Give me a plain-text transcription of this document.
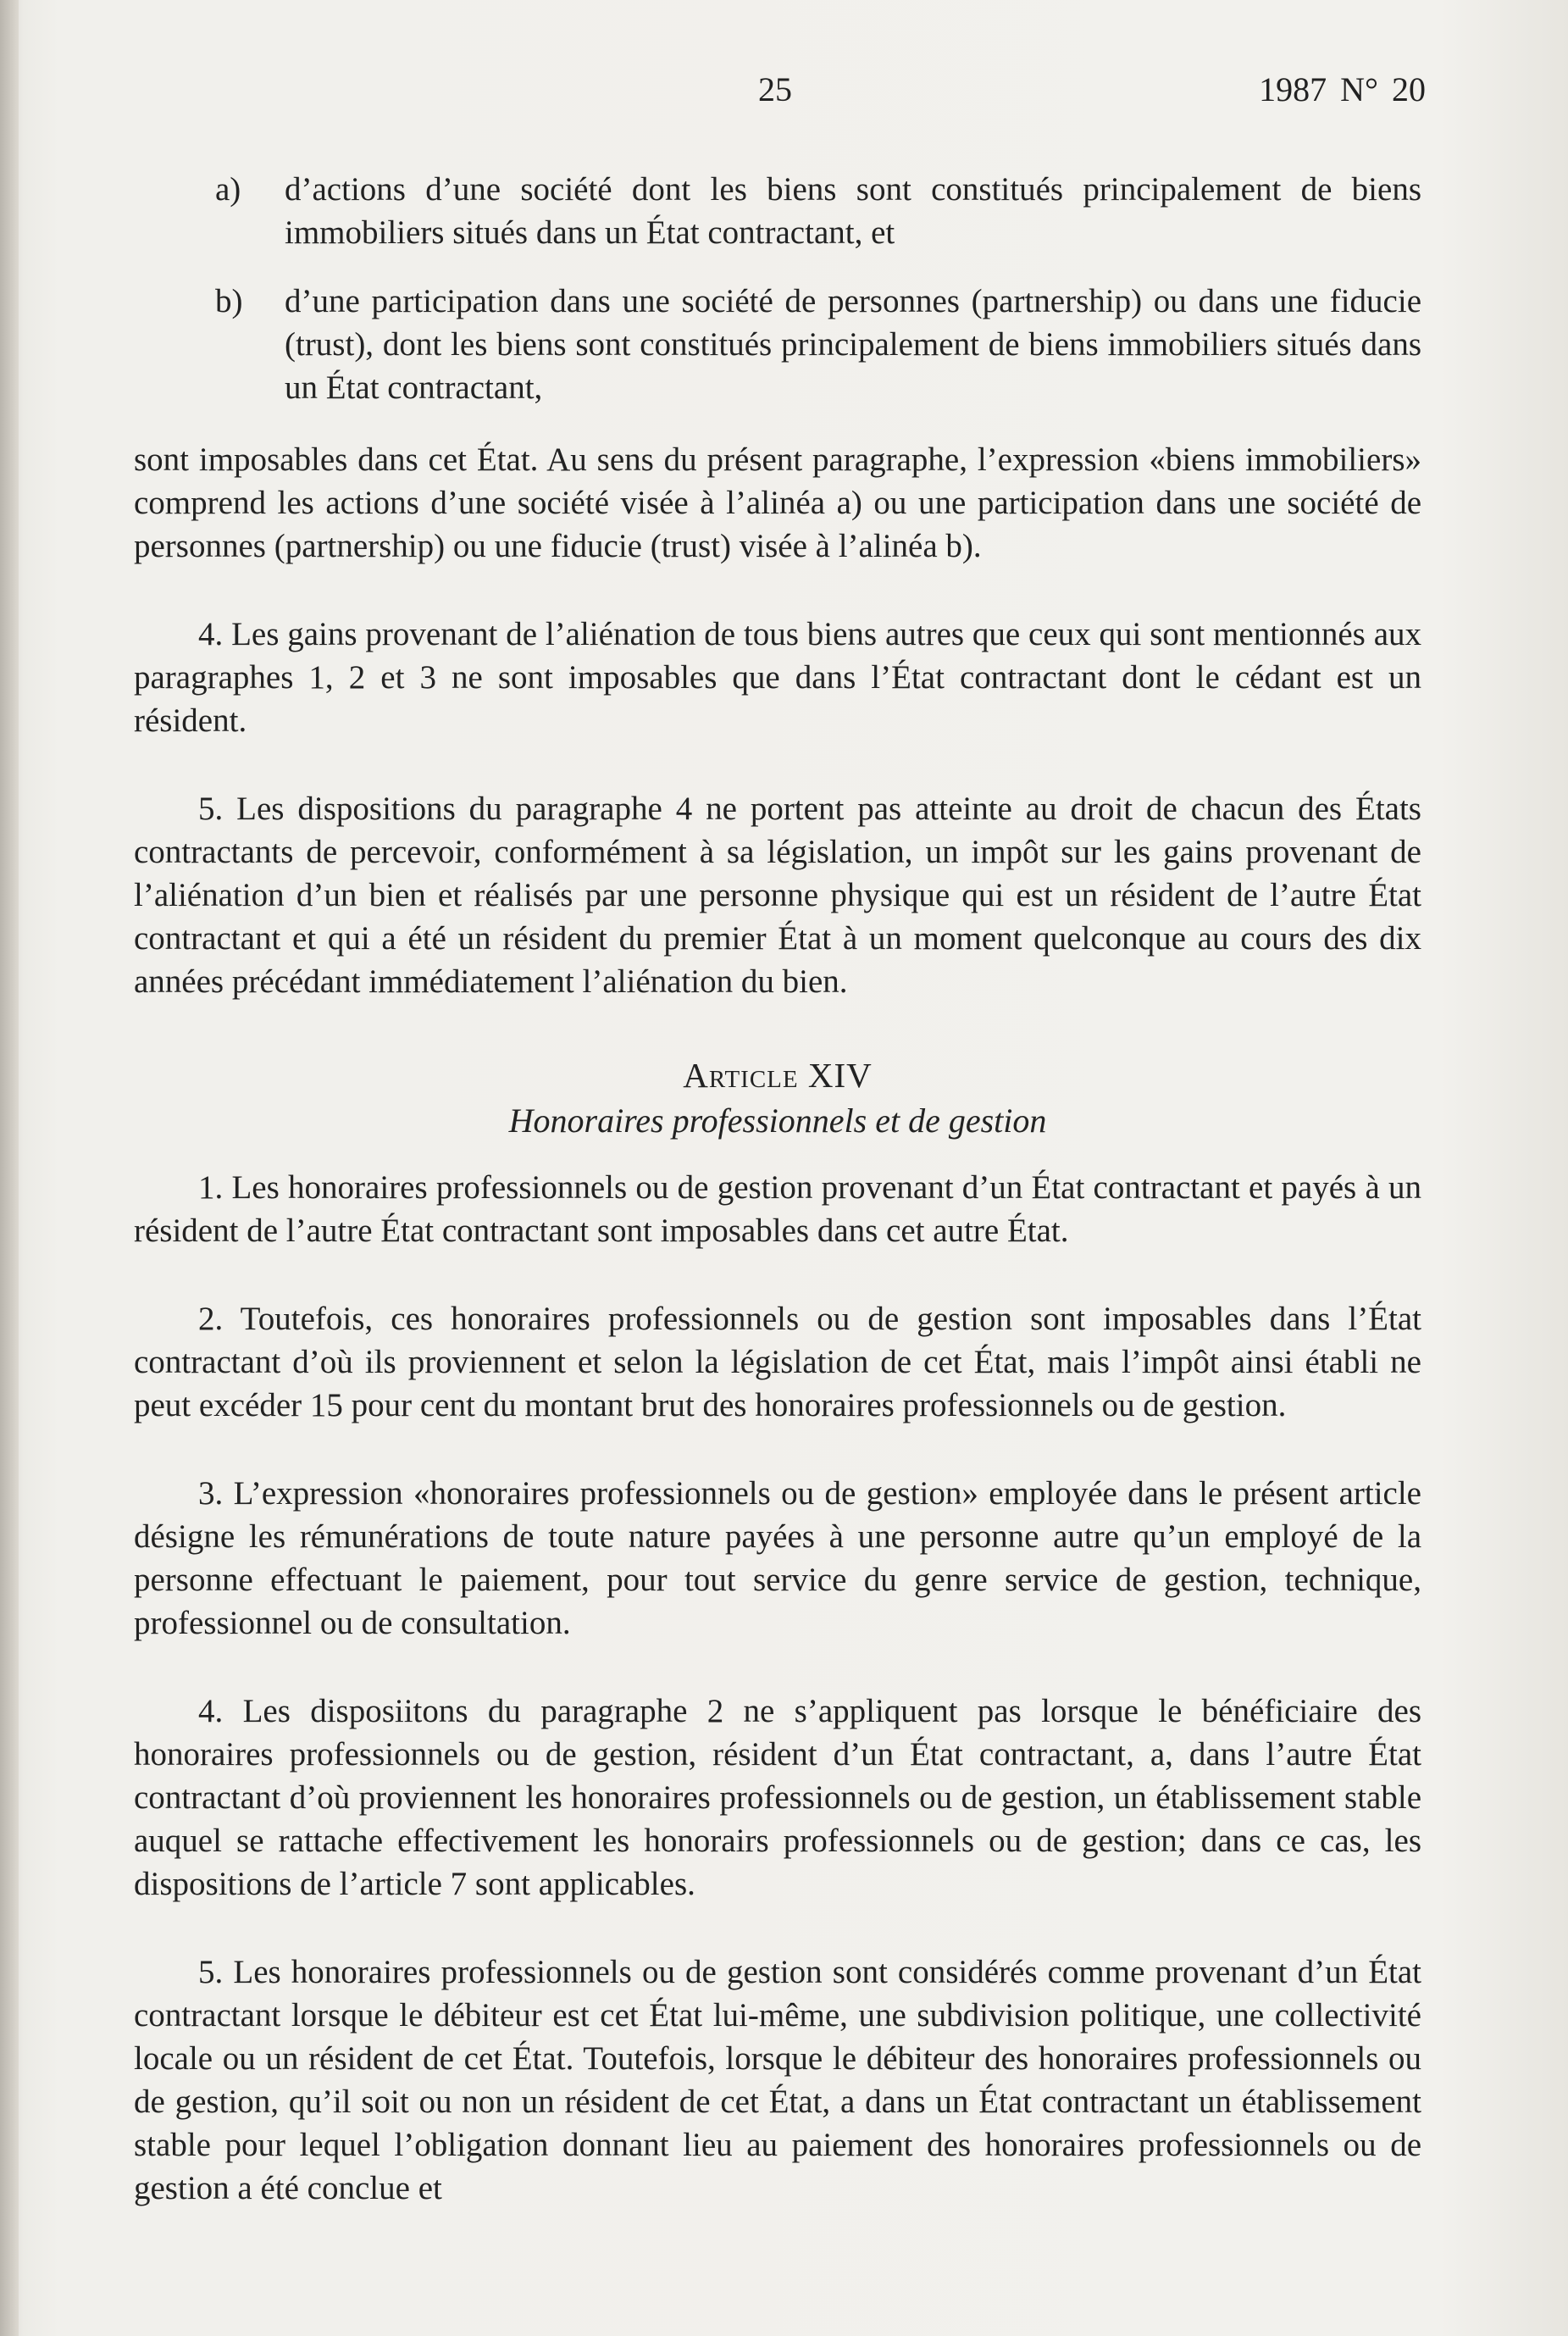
25	1987 N° 20
a)	d’actions d’une société dont les biens sont constitués principalement de biens immobiliers situés dans un État contractant, et
b)	d’une participation dans une société de personnes (partnership) ou dans une fiducie (trust), dont les biens sont constitués principalement de biens immobiliers situés dans un État contractant,

sont imposables dans cet État. Au sens du présent paragraphe, l’expression «biens immobiliers» comprend les actions d’une société visée à l’alinéa a) ou une participation dans une société de personnes (partnership) ou une fiducie (trust) visée à l’alinéa b).

4. Les gains provenant de l’aliénation de tous biens autres que ceux qui sont mentionnés aux paragraphes 1, 2 et 3 ne sont imposables que dans l’État contractant dont le cédant est un résident.

5. Les dispositions du paragraphe 4 ne portent pas atteinte au droit de chacun des États contractants de percevoir, conformément à sa législation, un impôt sur les gains provenant de l’aliénation d’un bien et réalisés par une personne physique qui est un résident de l’autre État contractant et qui a été un résident du premier État à un moment quelconque au cours des dix années précédant immédiatement l’aliénation du bien.

Article XIV
Honoraires professionnels et de gestion

1. Les honoraires professionnels ou de gestion provenant d’un État contractant et payés à un résident de l’autre État contractant sont imposables dans cet autre État.

2. Toutefois, ces honoraires professionnels ou de gestion sont imposables dans l’État contractant d’où ils proviennent et selon la législation de cet État, mais l’impôt ainsi établi ne peut excéder 15 pour cent du montant brut des honoraires professionnels ou de gestion.

3. L’expression «honoraires professionnels ou de gestion» employée dans le présent article désigne les rémunérations de toute nature payées à une personne autre qu’un employé de la personne effectuant le paiement, pour tout service du genre service de gestion, technique, professionnel ou de consultation.

4. Les disposiitons du paragraphe 2 ne s’appliquent pas lorsque le bénéficiaire des honoraires professionnels ou de gestion, résident d’un État contractant, a, dans l’autre État contractant d’où proviennent les honoraires professionnels ou de gestion, un établissement stable auquel se rattache effectivement les honorairs professionnels ou de gestion; dans ce cas, les dispositions de l’article 7 sont applicables.

5. Les honoraires professionnels ou de gestion sont considérés comme provenant d’un État contractant lorsque le débiteur est cet État lui-même, une subdivision politique, une collectivité locale ou un résident de cet État. Toutefois, lorsque le débiteur des honoraires professionnels ou de gestion, qu’il soit ou non un résident de cet État, a dans un État contractant un établissement stable pour lequel l’obligation donnant lieu au paiement des honoraires professionnels ou de gestion a été conclue et
